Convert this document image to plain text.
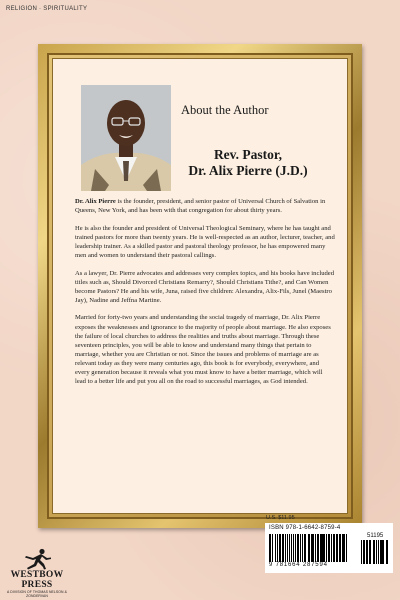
RELIGION · SPIRITUALITY
About the Author
Rev. Pastor,
Dr. Alix Pierre (J.D.)

Dr. Alix Pierre is the founder, president, and senior pastor of Universal Church of Salvation in Queens, New York, and has been with that congregation for about thirty years.

He is also the founder and president of Universal Theological Seminary, where he has taught and trained pastors for more than twenty years. He is well-respected as an author, lecturer, teacher, and leadership trainer. As a skilled pastor and pastoral theology professor, he has empowered many men and women to understand their pastoral callings.

As a lawyer, Dr. Pierre advocates and addresses very complex topics, and his books have included titles such as, Should Divorced Christians Remarry?, Should Christians Tithe?, and Can Women become Pastors? He and his wife, Juna, raised five children: Alexandra, Alix-Fils, Junel (Maestro Jay), Nadine and Jeffna Martine.

Married for forty-two years and understanding the social tragedy of marriage, Dr. Alix Pierre exposes the weaknesses and ignorance to the majority of people about marriage. He also exposes the failure of local churches to address the realities and truths about marriage. Through these seventeen principles, you will be able to know and understand many things that pertain to marriage, whether you are Christian or not. Since the issues and problems of marriage are as relevant today as they were many centuries ago, this book is for everybody, everywhere, and every generation because it reveals what you must know to have a better marriage, which will lead to a better life and put you all on the road to successful marriages, as God intended.

U.S. $11.95
ISBN 978-1-6642-8759-4
9 781664 287594
51195
WESTBOW
PRESS
A DIVISION OF THOMAS NELSON & ZONDERVAN
